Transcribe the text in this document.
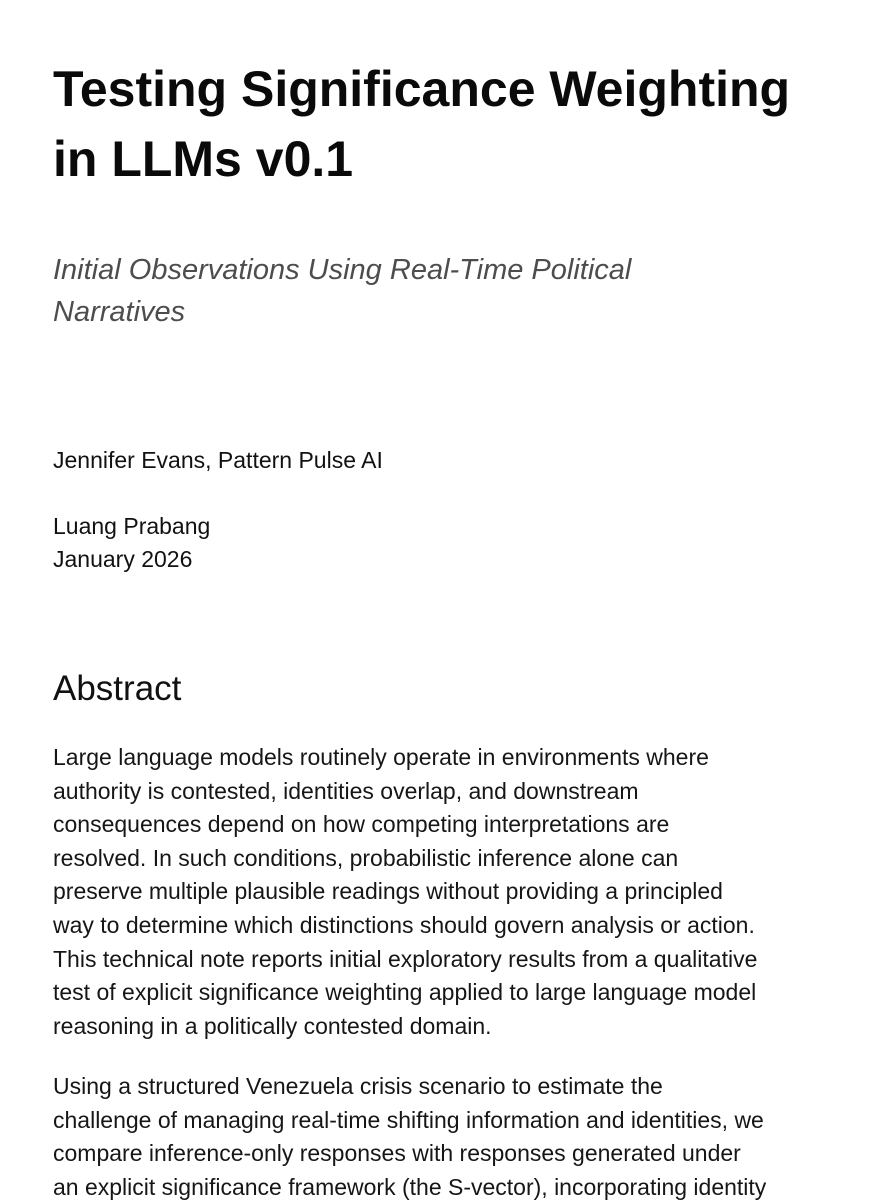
Testing Significance Weighting
in LLMs v0.1
Initial Observations Using Real-Time Political
Narratives

Jennifer Evans, Pattern Pulse AI

Luang Prabang
January 2026

Abstract

Large language models routinely operate in environments where
authority is contested, identities overlap, and downstream
consequences depend on how competing interpretations are
resolved. In such conditions, probabilistic inference alone can
preserve multiple plausible readings without providing a principled
way to determine which distinctions should govern analysis or action.
This technical note reports initial exploratory results from a qualitative
test of explicit significance weighting applied to large language model
reasoning in a politically contested domain.

Using a structured Venezuela crisis scenario to estimate the
challenge of managing real-time shifting information and identities, we
compare inference-only responses with responses generated under
an explicit significance framework (the S-vector), incorporating identity
